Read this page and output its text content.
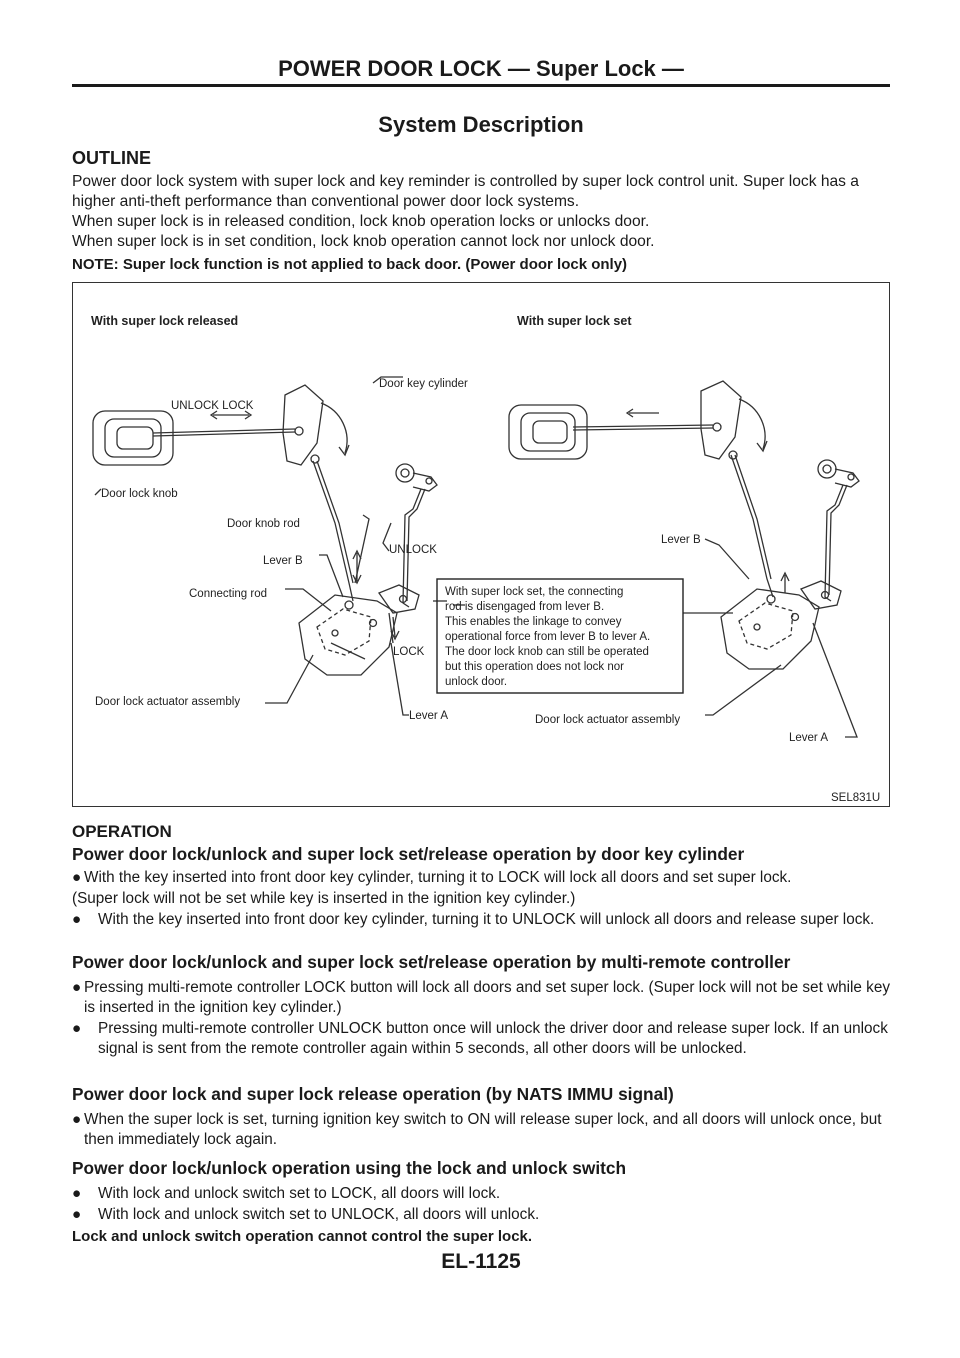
POWER DOOR LOCK — Super Lock —
System Description
OUTLINE

Power door lock system with super lock and key reminder is controlled by super lock control unit. Super lock has a higher anti-theft performance than conventional power door lock systems.

When super lock is in released condition, lock knob operation locks or unlocks door.

When super lock is in set condition, lock knob operation cannot lock nor unlock door.

NOTE: Super lock function is not applied to back door. (Power door lock only)
With super lock released	With super lock set
UNLOCK LOCK
Door key cylinder
Door lock knob
Door knob rod
Lever B
UNLOCK
Connecting rod
LOCK
Door lock actuator assembly
Lever A
Lever B
Door lock actuator assembly
Lever A
With super lock set, the connecting
rod is disengaged from lever B.
This enables the linkage to convey
operational force from lever B to lever A.
The door lock knob can still be operated
but this operation does not lock nor
unlock door.
SEL831U
OPERATION
Power door lock/unlock and super lock set/release operation by door key cylinder
● With the key inserted into front door key cylinder, turning it to LOCK will lock all doors and set super lock.
(Super lock will not be set while key is inserted in the ignition key cylinder.)
● With the key inserted into front door key cylinder, turning it to UNLOCK will unlock all doors and release super lock.
Power door lock/unlock and super lock set/release operation by multi-remote controller
● Pressing multi-remote controller LOCK button will lock all doors and set super lock. (Super lock will not be set while key is inserted in the ignition key cylinder.)
● Pressing multi-remote controller UNLOCK button once will unlock the driver door and release super lock. If an unlock signal is sent from the remote controller again within 5 seconds, all other doors will be unlocked.
Power door lock and super lock release operation (by NATS IMMU signal)
● When the super lock is set, turning ignition key switch to ON will release super lock, and all doors will unlock once, but then immediately lock again.
Power door lock/unlock operation using the lock and unlock switch
● With lock and unlock switch set to LOCK, all doors will lock.
● With lock and unlock switch set to UNLOCK, all doors will unlock.
Lock and unlock switch operation cannot control the super lock.
EL-1125
